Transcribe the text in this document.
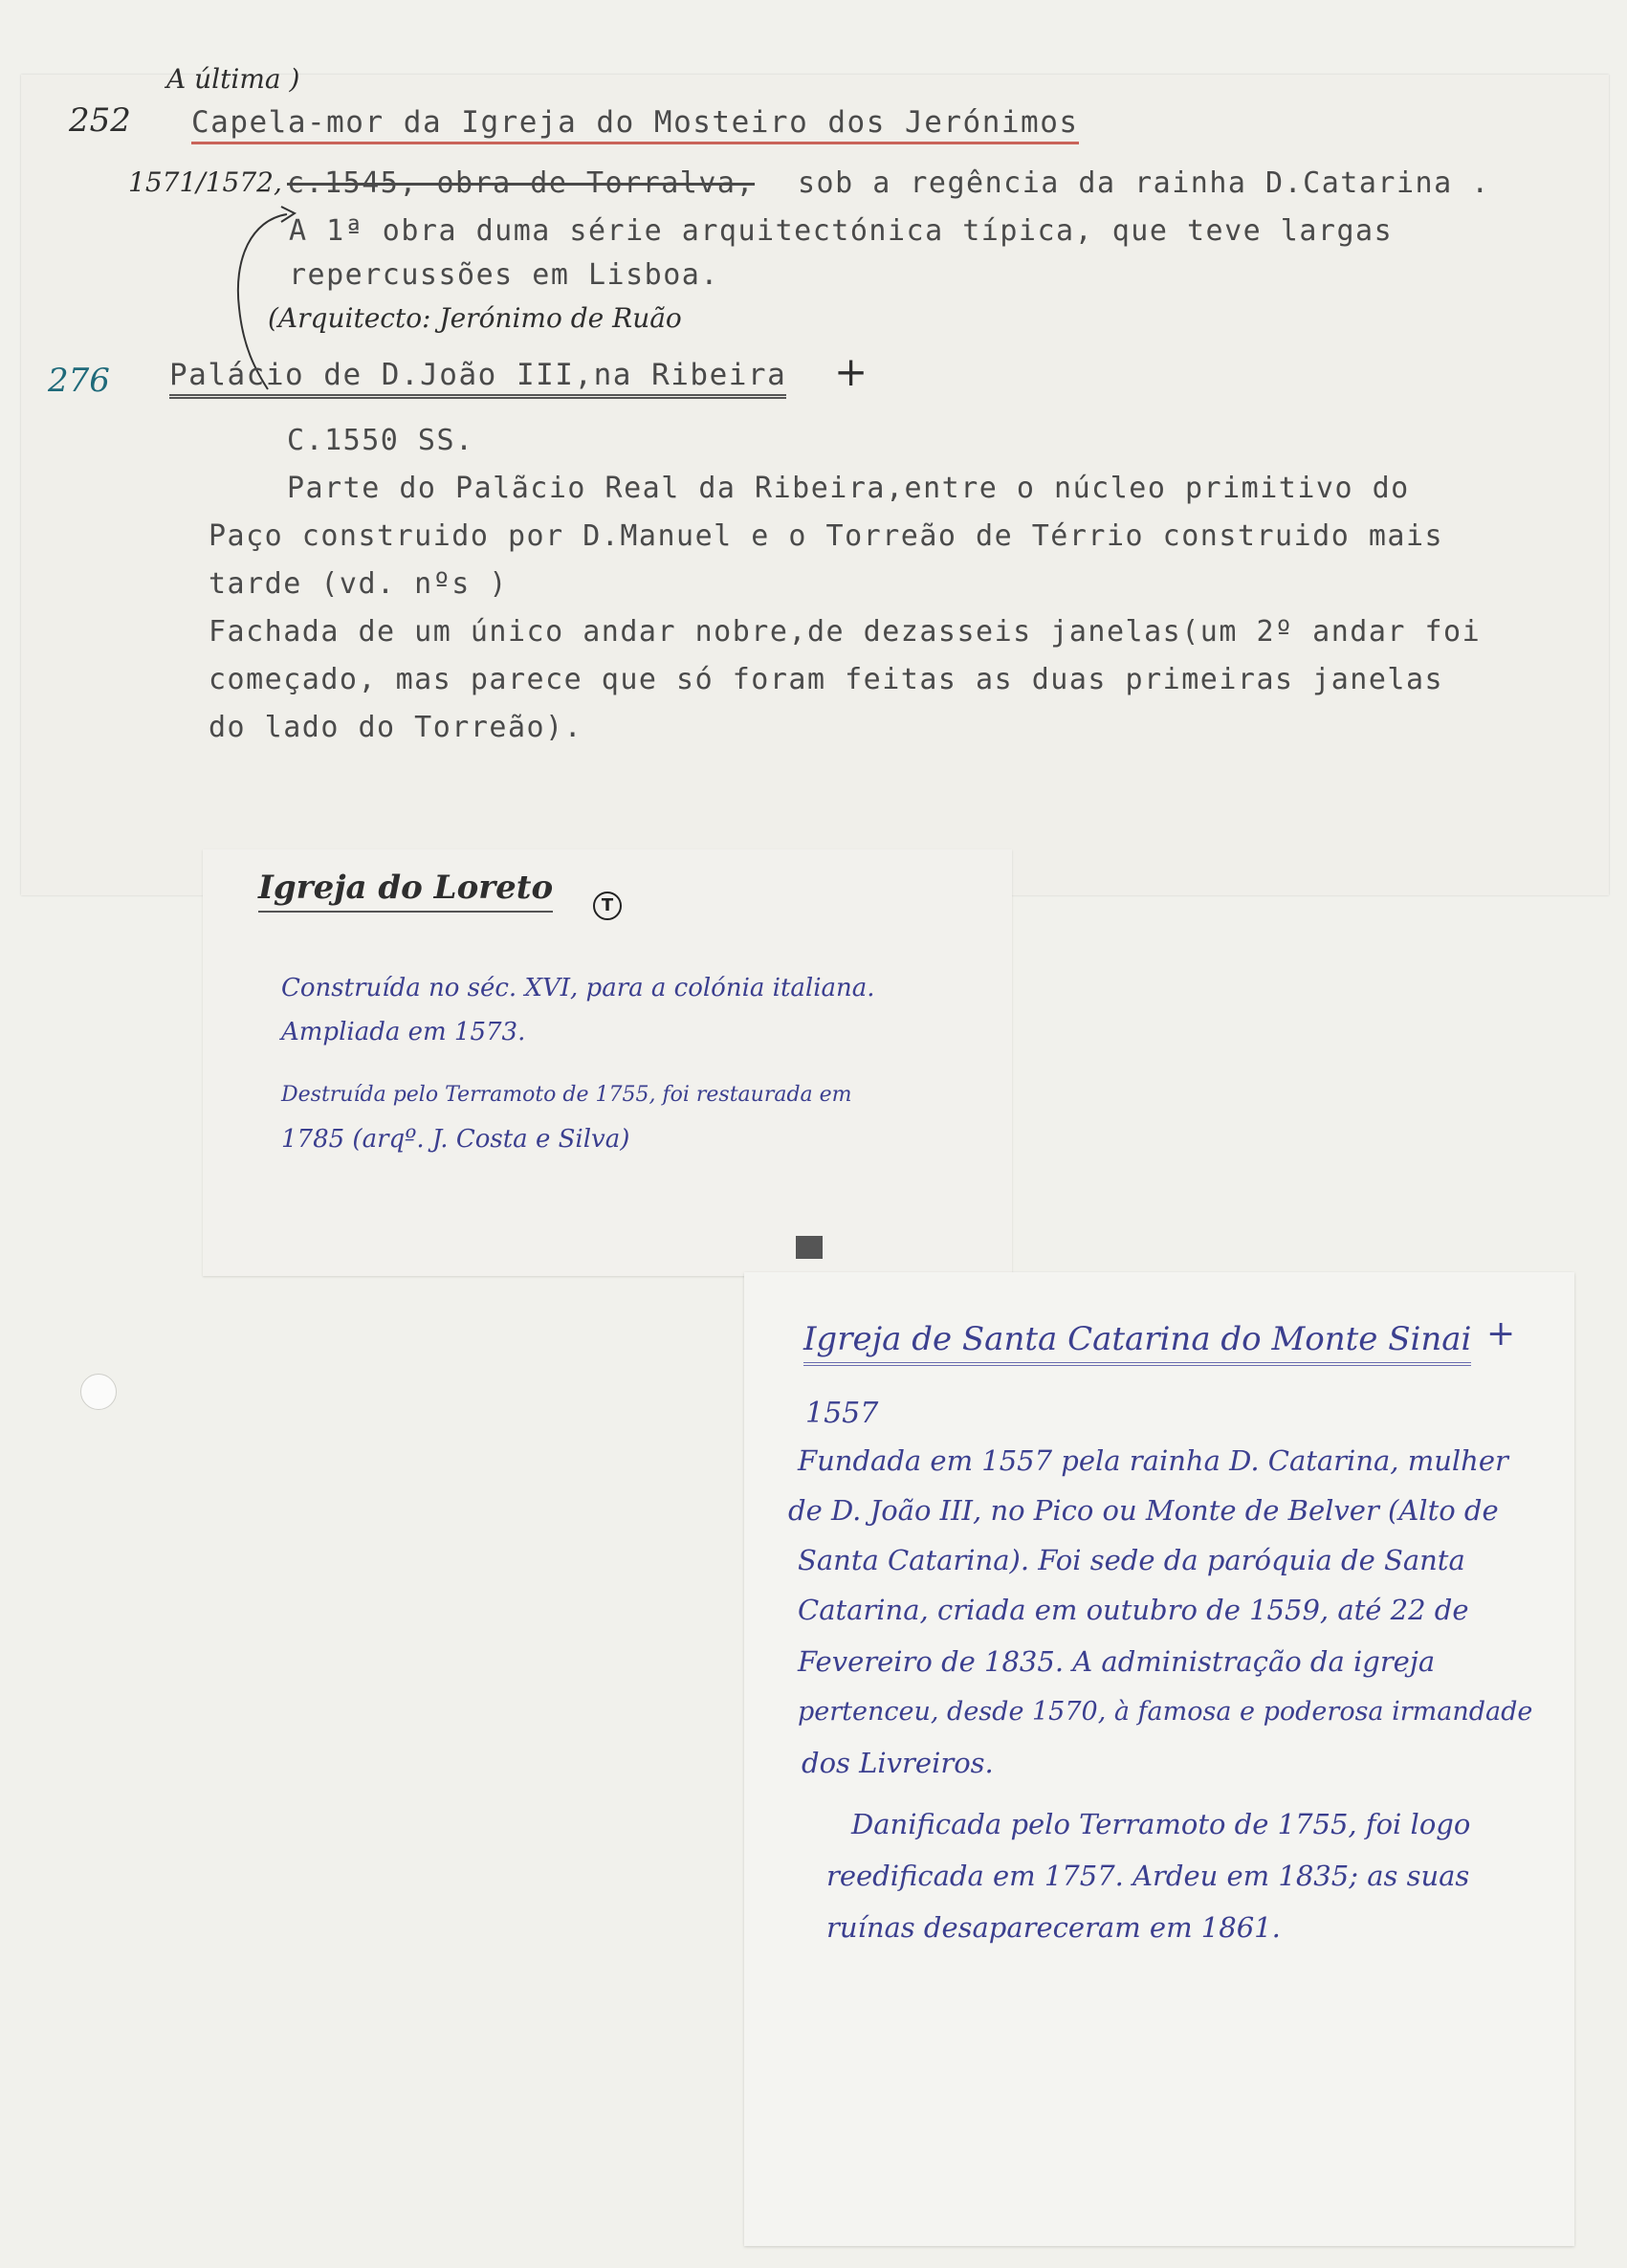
252
A última )
Capela-mor da Igreja do Mosteiro dos Jerónimos
1571/1572, c.1545, obra de Torralva, sob a regência da rainha D.Catarina .
A 1ª obra duma série arquitectónica típica, que teve largas
repercussões em Lisboa.
(Arquitecto: Jerónimo de Ruão
276 Palácio de D.João III,na Ribeira +
C.1550 SS.
Parte do Palãcio Real da Ribeira,entre o núcleo primitivo do
Paço construido por D.Manuel e o Torreão de Térrio construido mais
tarde (vd. nºs )
Fachada de um único andar nobre,de dezasseis janelas(um 2º andar foi
começado, mas parece que só foram feitas as duas primeiras janelas
do lado do Torreão).
Igreja do Loreto	T
Construída no séc. XVI, para a colónia italiana.
Ampliada em 1573.
Destruída pelo Terramoto de 1755, foi restaurada em
1785 (arqº. J. Costa e Silva)
Igreja de Santa Catarina do Monte Sinai +
1557
Fundada em 1557 pela rainha D. Catarina, mulher
de D. João III, no Pico ou Monte de Belver (Alto de
Santa Catarina). Foi sede da paróquia de Santa
Catarina, criada em outubro de 1559, até 22 de
Fevereiro de 1835. A administração da igreja
pertenceu, desde 1570, à famosa e poderosa irmandade
dos Livreiros.
Danificada pelo Terramoto de 1755, foi logo
reedificada em 1757. Ardeu em 1835; as suas
ruínas desapareceram em 1861.
